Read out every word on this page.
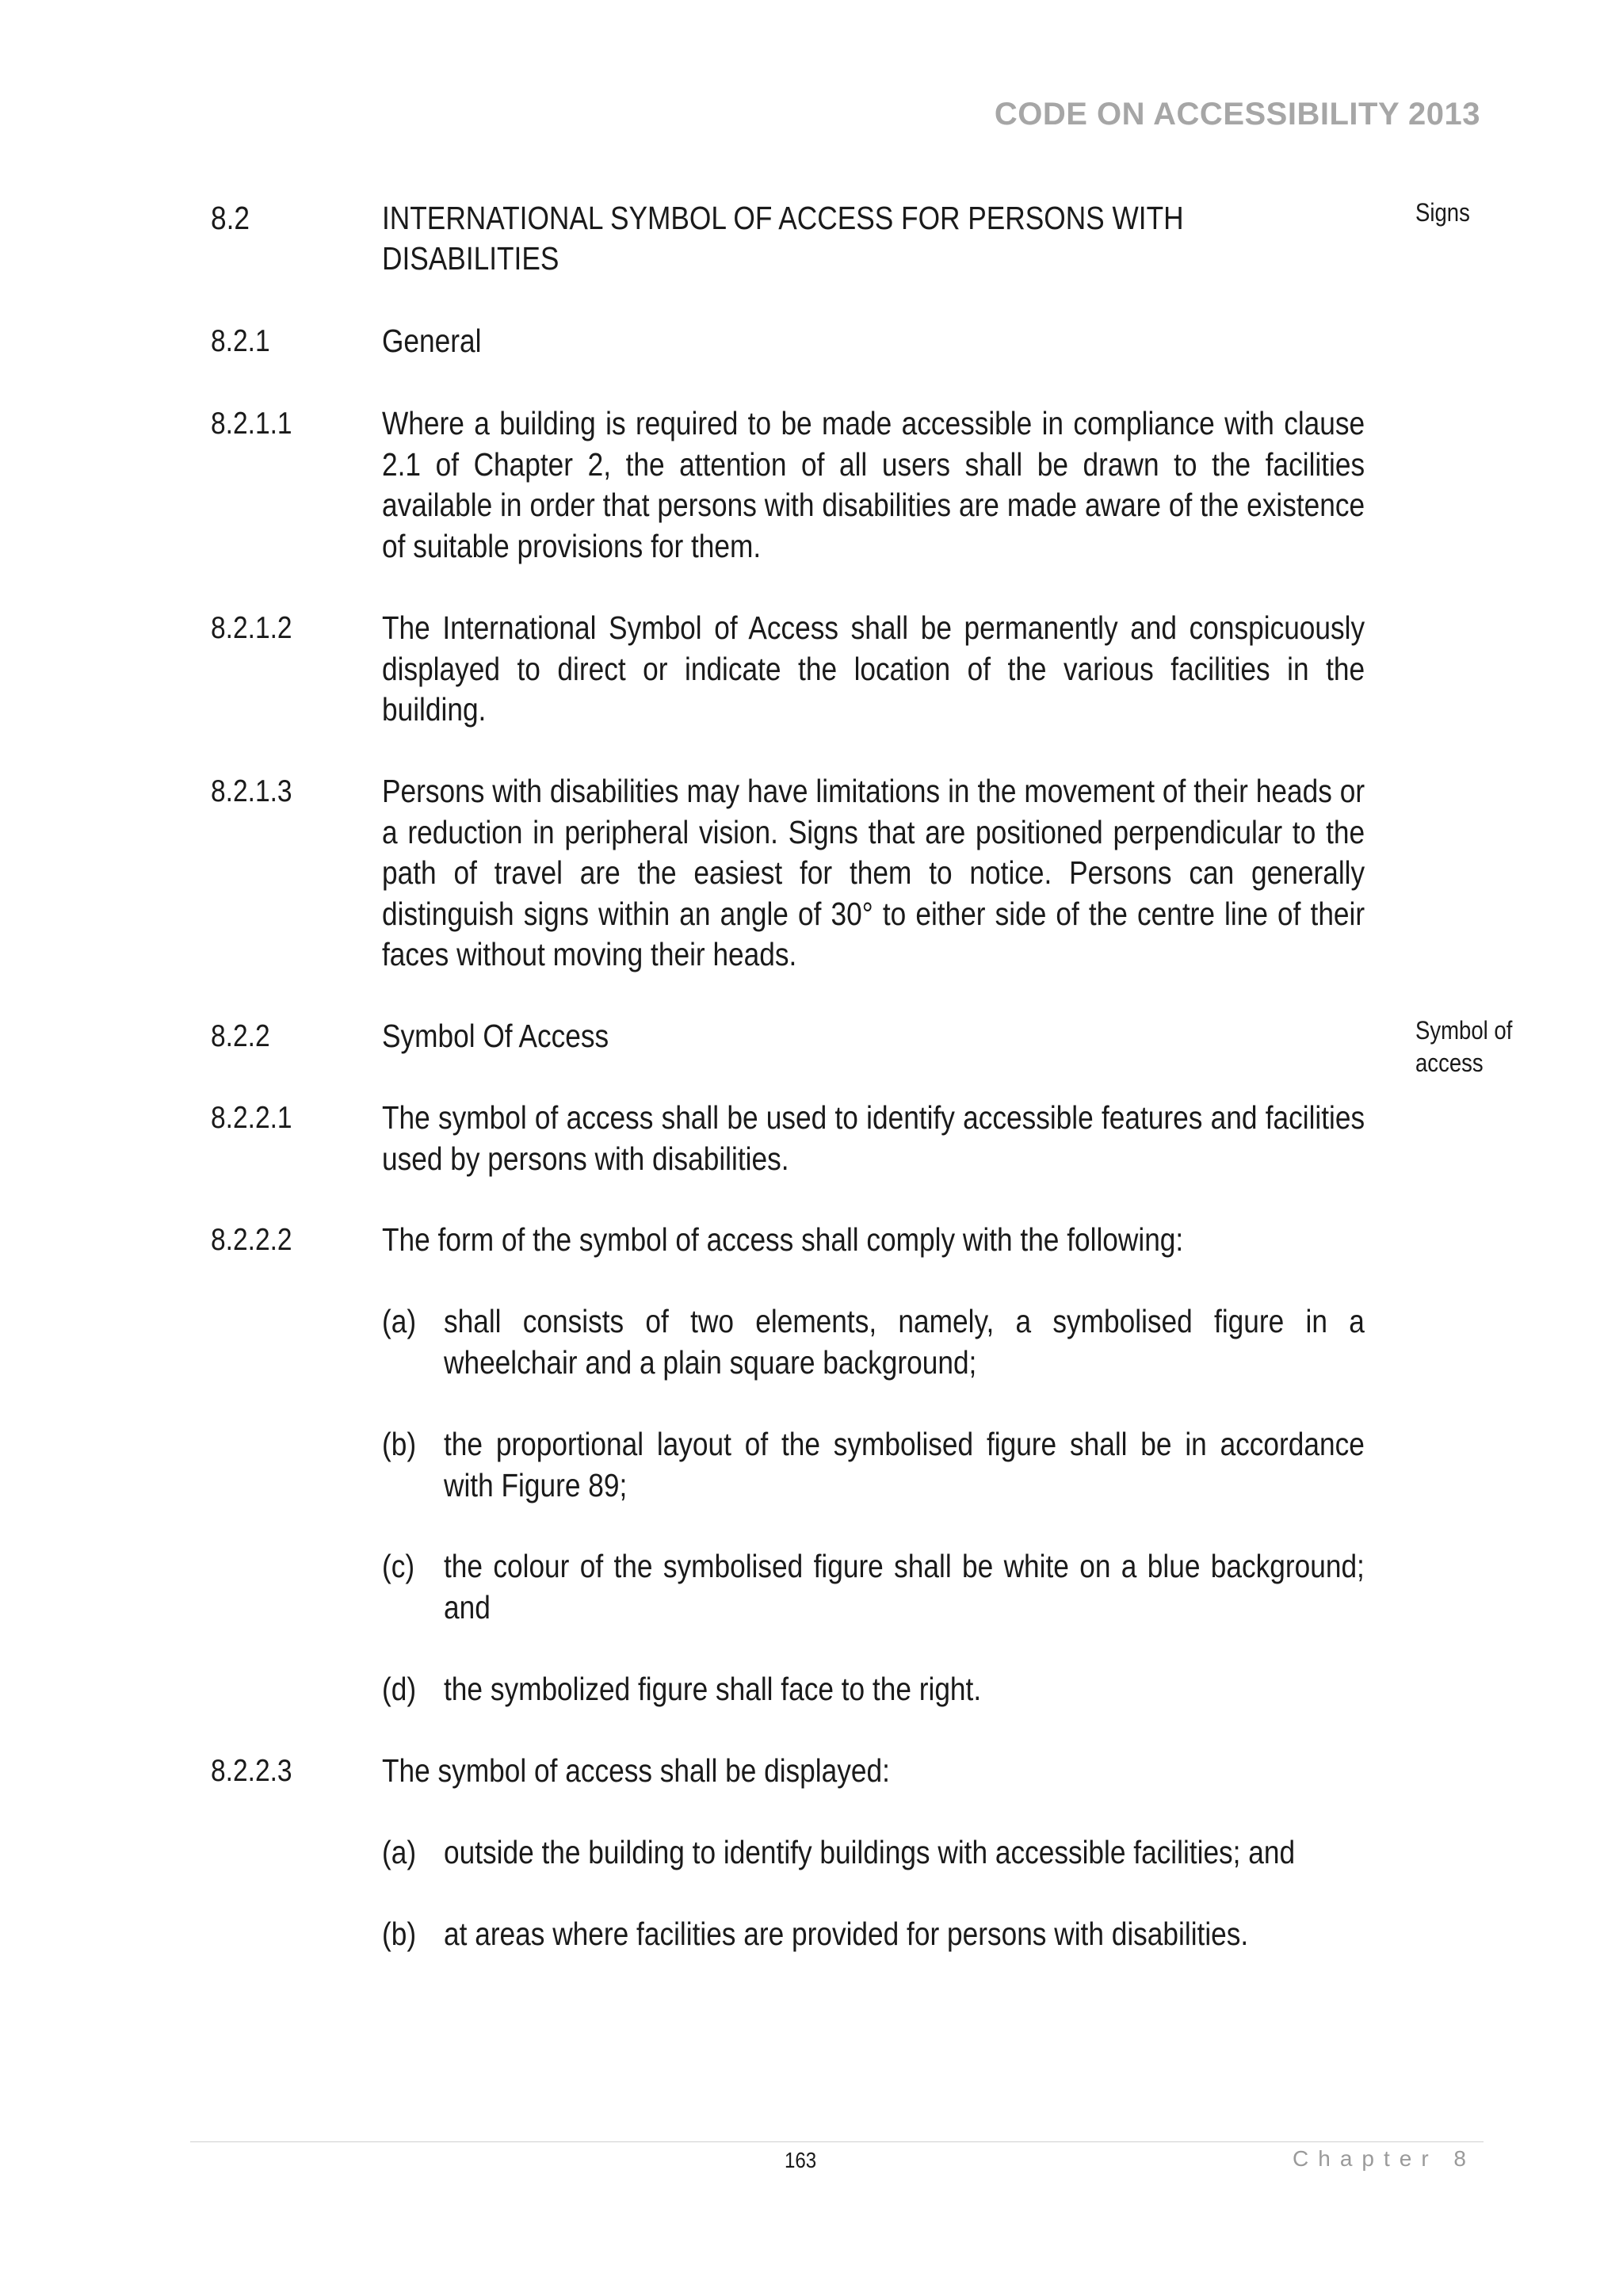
CODE ON ACCESSIBILITY 2013
8.2	INTERNATIONAL SYMBOL OF ACCESS FOR PERSONS WITH DISABILITIES
Signs
8.2.1	General
8.2.1.1	Where a building is required to be made accessible in compliance with clause 2.1 of Chapter 2, the attention of all users shall be drawn to the facilities available in order that persons with disabilities are made aware of the existence of suitable provisions for them.
8.2.1.2	The International Symbol of Access shall be permanently and conspicuously displayed to direct or indicate the location of the various facilities in the building.
8.2.1.3	Persons with disabilities may have limitations in the movement of their heads or a reduction in peripheral vision. Signs that are positioned perpendicular to the path of travel are the easiest for them to notice. Persons can generally distinguish signs within an angle of 30° to either side of the centre line of their faces without moving their heads.
8.2.2	Symbol Of Access	Symbol of
access
8.2.2.1	The symbol of access shall be used to identify accessible features and facilities used by persons with disabilities.
8.2.2.2	The form of the symbol of access shall comply with the following:
(a) shall consists of two elements, namely, a symbolised figure in a wheelchair and a plain square background;
(b) the proportional layout of the symbolised figure shall be in accordance with Figure 89;
(c) the colour of the symbolised figure shall be white on a blue background; and
(d) the symbolized figure shall face to the right.
8.2.2.3	The symbol of access shall be displayed:
(a) outside the building to identify buildings with accessible facilities; and
(b) at areas where facilities are provided for persons with disabilities.
163	Chapter 8
